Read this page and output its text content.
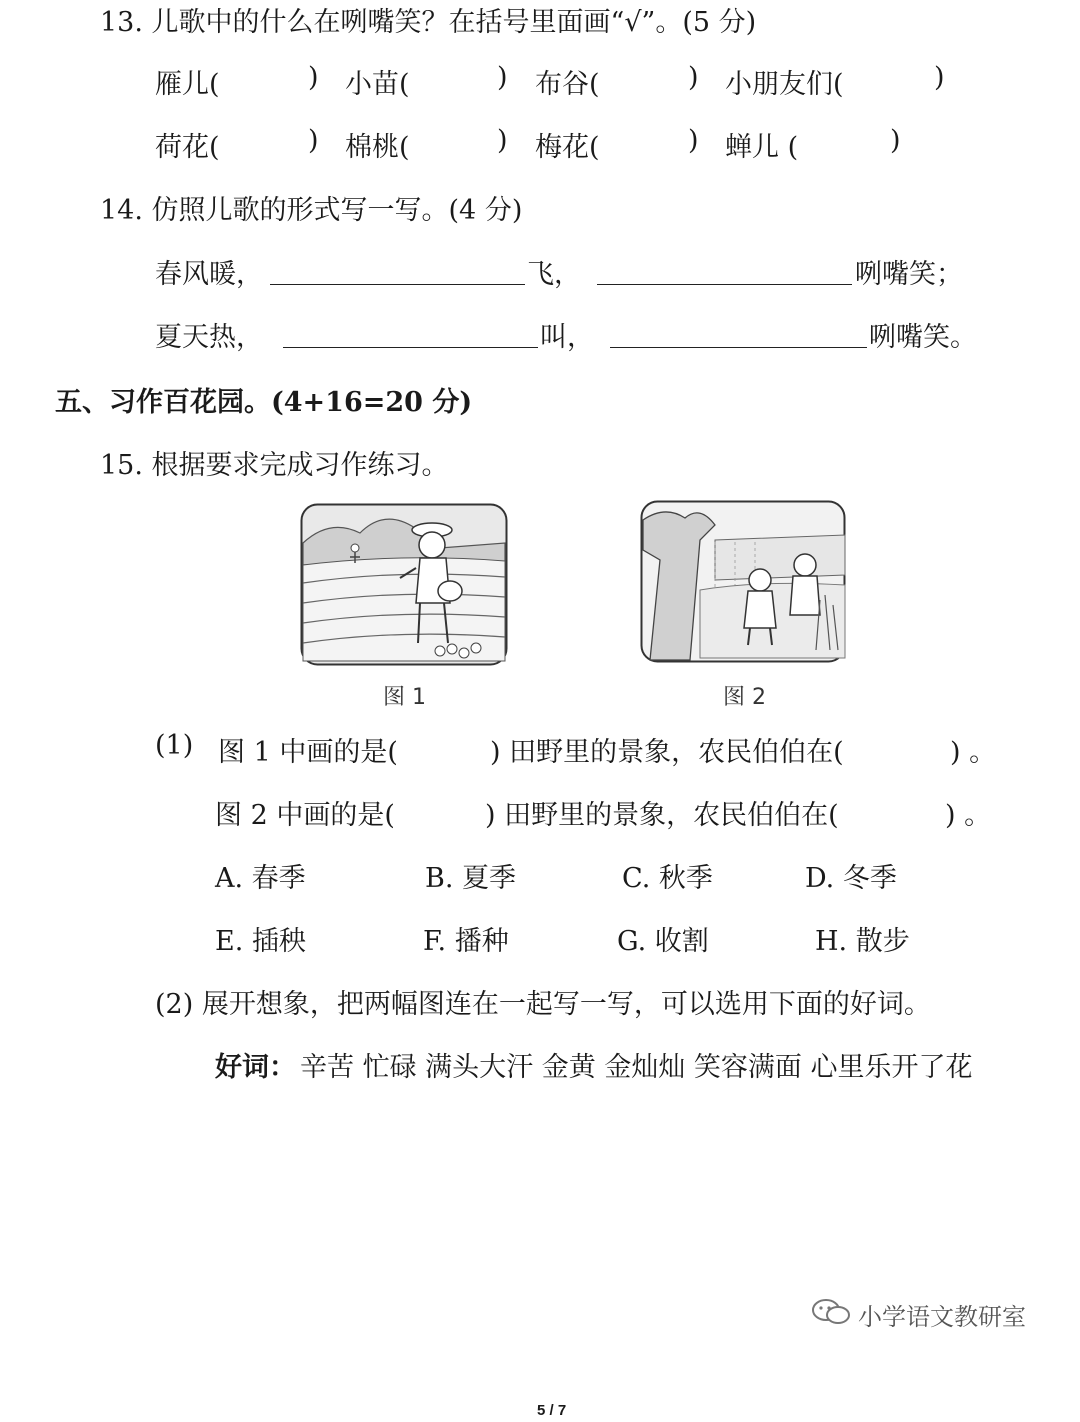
13. 儿歌中的什么在咧嘴笑？在括号里面画“√”。(5 分)
雁儿(	) 小苗(	) 布谷(	) 小朋友们(	)
荷花(	) 棉桃(	) 梅花(	) 蝉儿 (	)
14. 仿照儿歌的形式写一写。(4 分)
春风暖，	飞，	咧嘴笑；
夏天热，	叫，	咧嘴笑。
五、习作百花园。(4+16=20 分)
15. 根据要求完成习作练习。
图 1	图 2
(1) 图 1 中画的是(	) 田野里的景象，农民伯伯在(	) 。
图 2 中画的是(	) 田野里的景象，农民伯伯在(	) 。
A. 春季	B. 夏季	C. 秋季	D. 冬季
E. 插秧	F. 播种	G. 收割	H. 散步
(2) 展开想象，把两幅图连在一起写一写，可以选用下面的好词。
好词： 辛苦 忙碌 满头大汗 金黄 金灿灿 笑容满面 心里乐开了花
小学语文教研室
5 / 7
